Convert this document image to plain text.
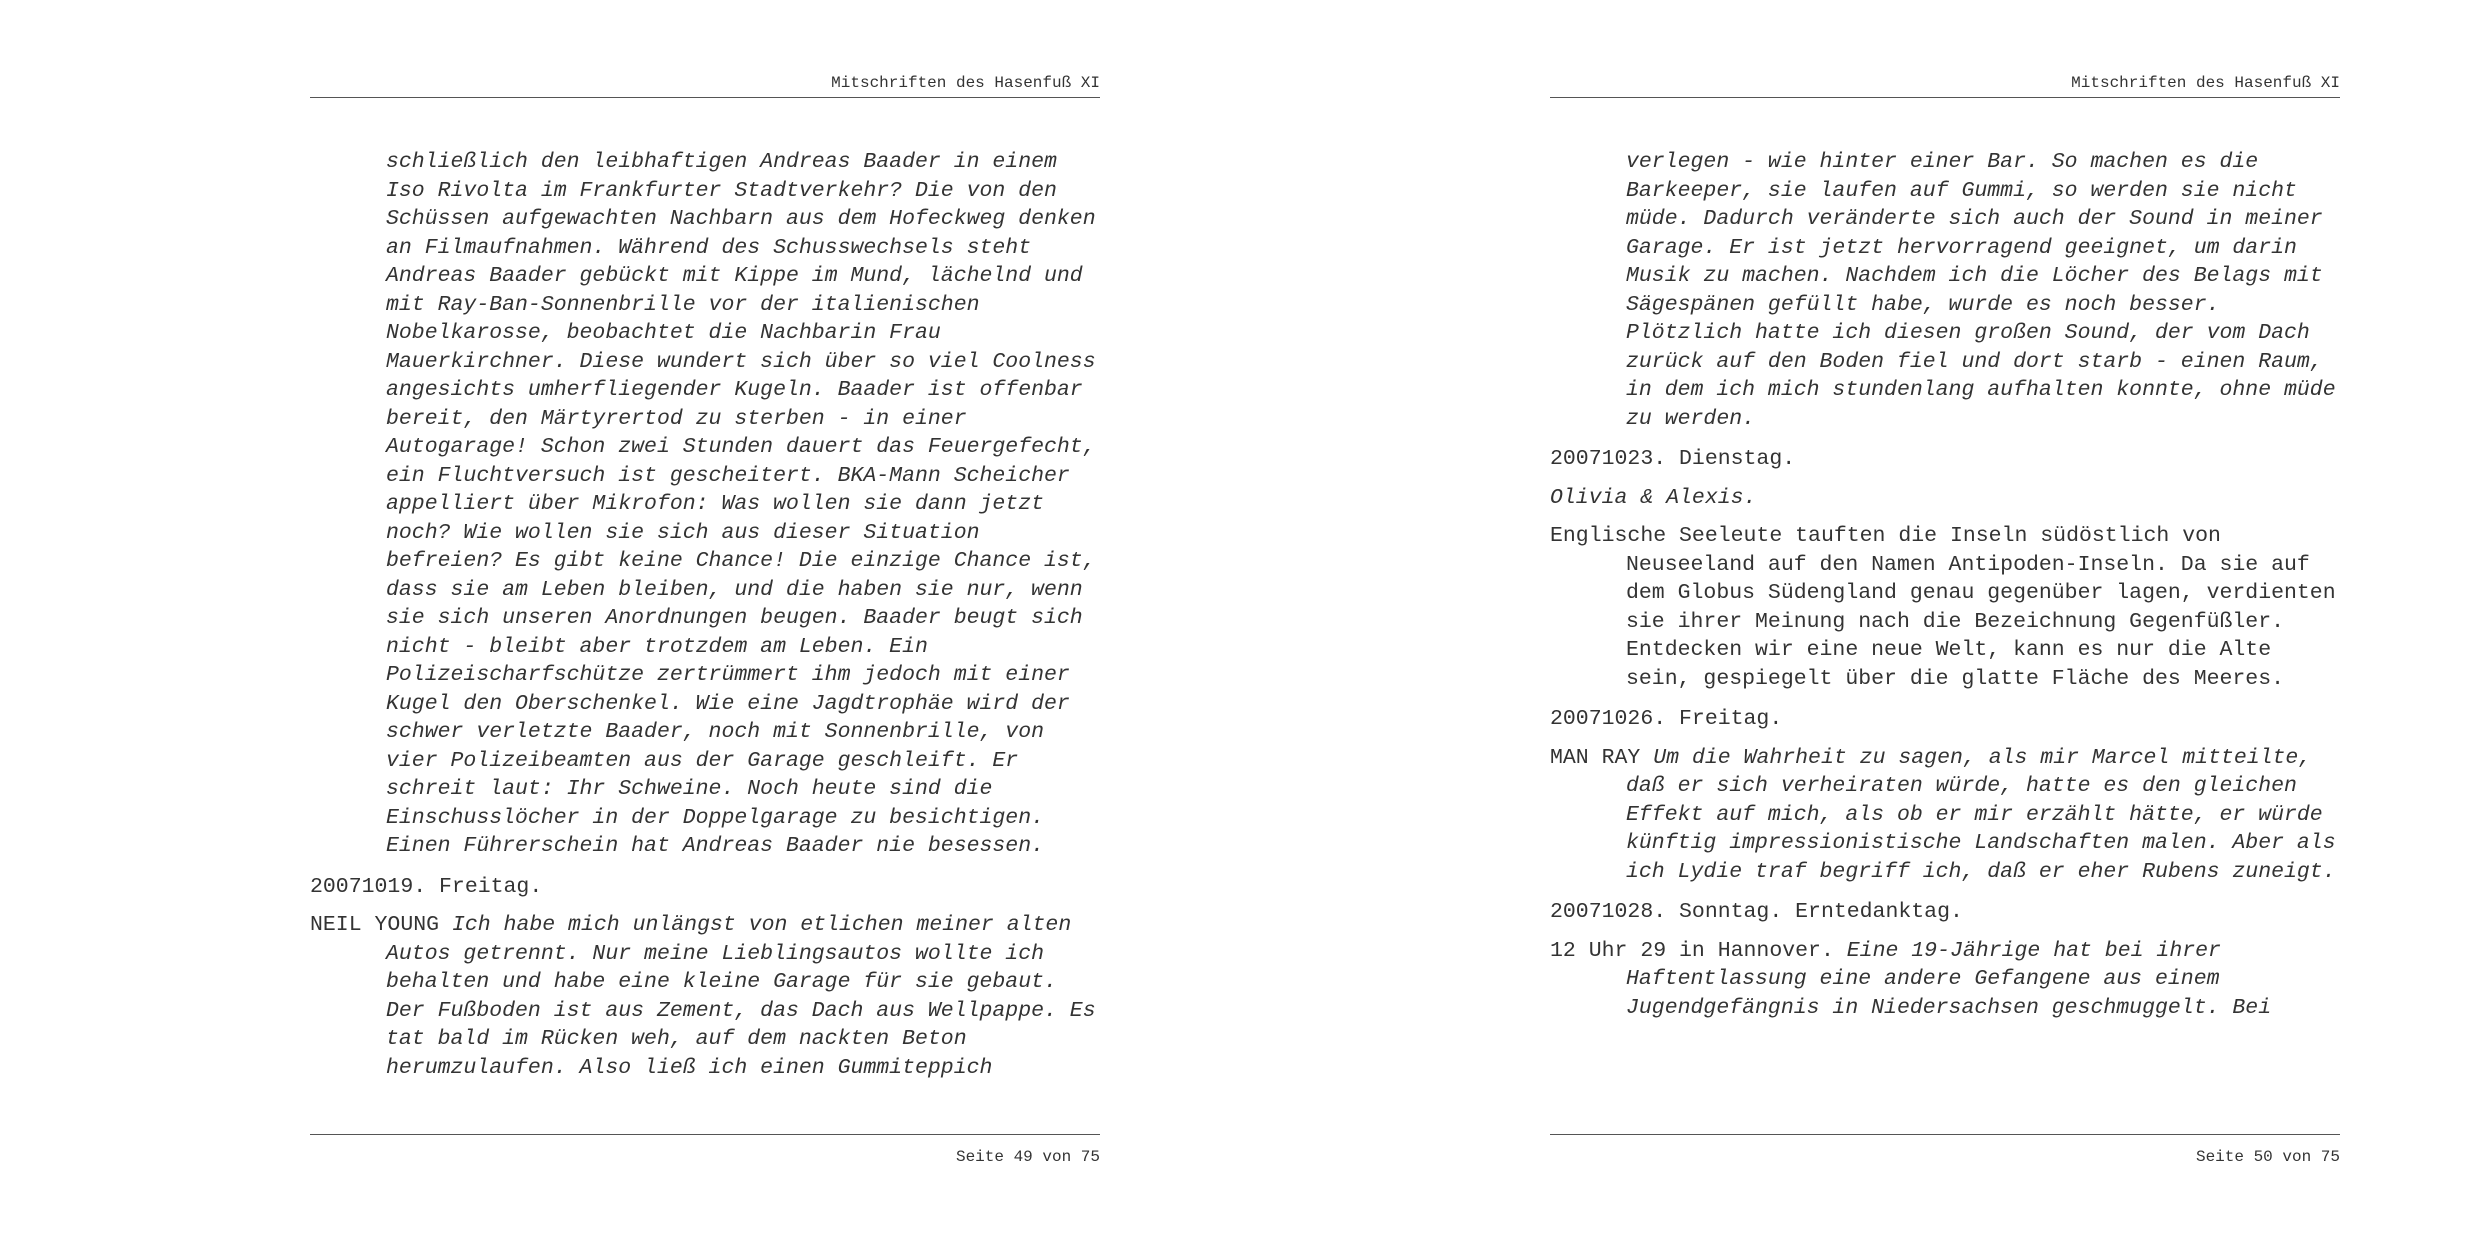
Mitschriften des Hasenfuß XI

schließlich den leibhaftigen Andreas Baader in einem Iso Rivolta im Frankfurter Stadtverkehr? Die von den Schüssen aufgewachten Nachbarn aus dem Hofeckweg denken an Filmaufnahmen. Während des Schusswechsels steht Andreas Baader gebückt mit Kippe im Mund, lächelnd und mit Ray-Ban-Sonnenbrille vor der italienischen Nobelkarosse, beobachtet die Nachbarin Frau Mauerkirchner. Diese wundert sich über so viel Coolness angesichts umherfliegender Kugeln. Baader ist offenbar bereit, den Märtyrertod zu sterben - in einer Autogarage! Schon zwei Stunden dauert das Feuergefecht, ein Fluchtversuch ist gescheitert. BKA-Mann Scheicher appelliert über Mikrofon: Was wollen sie dann jetzt noch? Wie wollen sie sich aus dieser Situation befreien? Es gibt keine Chance! Die einzige Chance ist, dass sie am Leben bleiben, und die haben sie nur, wenn sie sich unseren Anordnungen beugen. Baader beugt sich nicht - bleibt aber trotzdem am Leben. Ein Polizeischarfschütze zertrümmert ihm jedoch mit einer Kugel den Oberschenkel. Wie eine Jagdtrophäe wird der schwer verletzte Baader, noch mit Sonnenbrille, von vier Polizeibeamten aus der Garage geschleift. Er schreit laut: Ihr Schweine. Noch heute sind die Einschusslöcher in der Doppelgarage zu besichtigen. Einen Führerschein hat Andreas Baader nie besessen.

20071019. Freitag.

NEIL YOUNG Ich habe mich unlängst von etlichen meiner alten Autos getrennt. Nur meine Lieblingsautos wollte ich behalten und habe eine kleine Garage für sie gebaut. Der Fußboden ist aus Zement, das Dach aus Wellpappe. Es tat bald im Rücken weh, auf dem nackten Beton herumzulaufen. Also ließ ich einen Gummiteppich

Seite 49 von 75
Mitschriften des Hasenfuß XI

verlegen - wie hinter einer Bar. So machen es die Barkeeper, sie laufen auf Gummi, so werden sie nicht müde. Dadurch veränderte sich auch der Sound in meiner Garage. Er ist jetzt hervorragend geeignet, um darin Musik zu machen. Nachdem ich die Löcher des Belags mit Sägespänen gefüllt habe, wurde es noch besser. Plötzlich hatte ich diesen großen Sound, der vom Dach zurück auf den Boden fiel und dort starb - einen Raum, in dem ich mich stundenlang aufhalten konnte, ohne müde zu werden.

20071023. Dienstag.

Olivia & Alexis.

Englische Seeleute tauften die Inseln südöstlich von Neuseeland auf den Namen Antipoden-Inseln. Da sie auf dem Globus Südengland genau gegenüber lagen, verdienten sie ihrer Meinung nach die Bezeichnung Gegenfüßler. Entdecken wir eine neue Welt, kann es nur die Alte sein, gespiegelt über die glatte Fläche des Meeres.

20071026. Freitag.

MAN RAY Um die Wahrheit zu sagen, als mir Marcel mitteilte, daß er sich verheiraten würde, hatte es den gleichen Effekt auf mich, als ob er mir erzählt hätte, er würde künftig impressionistische Landschaften malen. Aber als ich Lydie traf begriff ich, daß er eher Rubens zuneigt.

20071028. Sonntag. Erntedanktag.

12 Uhr 29 in Hannover. Eine 19-Jährige hat bei ihrer Haftentlassung eine andere Gefangene aus einem Jugendgefängnis in Niedersachsen geschmuggelt. Bei

Seite 50 von 75
